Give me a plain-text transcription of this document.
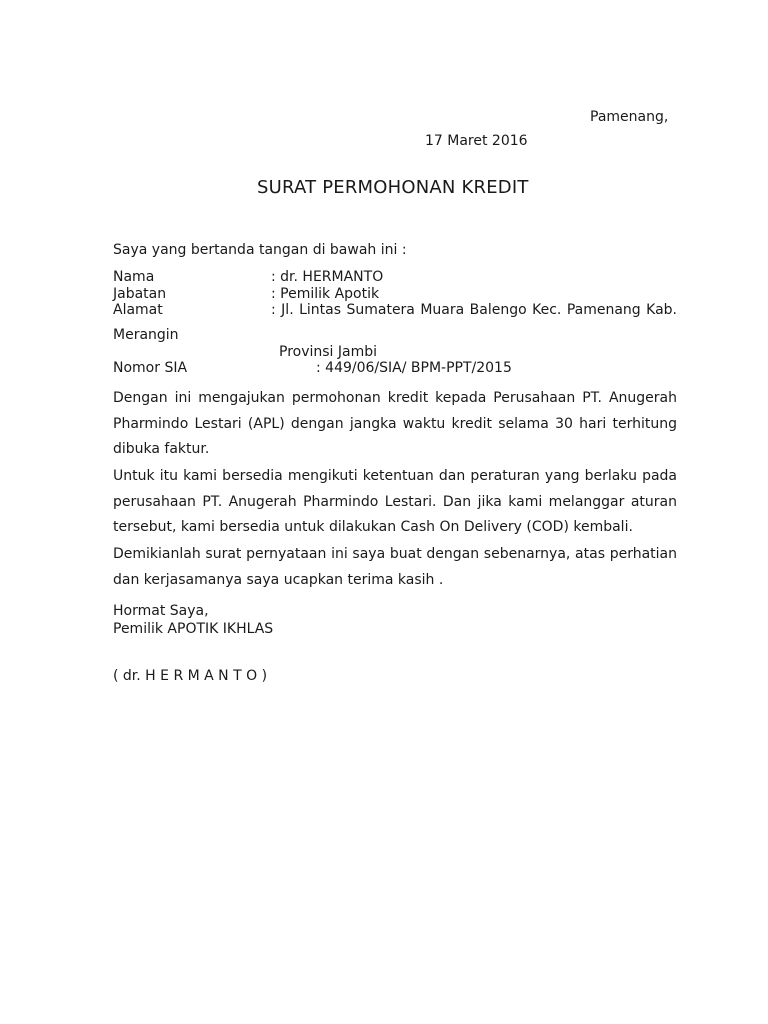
Pamenang,
17 Maret 2016
SURAT PERMOHONAN KREDIT
Saya yang bertanda tangan di bawah ini :
Nama	: dr. HERMANTO
Jabatan	: Pemilik Apotik
Alamat	: Jl. Lintas Sumatera Muara Balengo Kec. Pamenang Kab.
Merangin
Provinsi Jambi
Nomor SIA	: 449/06/SIA/ BPM-PPT/2015
Dengan ini mengajukan permohonan kredit kepada Perusahaan PT. Anugerah Pharmindo Lestari (APL) dengan jangka waktu kredit selama 30 hari terhitung dibuka faktur.
Untuk itu kami bersedia mengikuti ketentuan dan peraturan yang berlaku pada perusahaan PT. Anugerah Pharmindo Lestari. Dan jika kami melanggar aturan tersebut, kami bersedia untuk dilakukan Cash On Delivery (COD) kembali.
Demikianlah surat pernyataan ini saya buat dengan sebenarnya, atas perhatian dan kerjasamanya saya ucapkan terima kasih .
Hormat Saya,
Pemilik APOTIK IKHLAS
( dr. H E R M A N T O )
